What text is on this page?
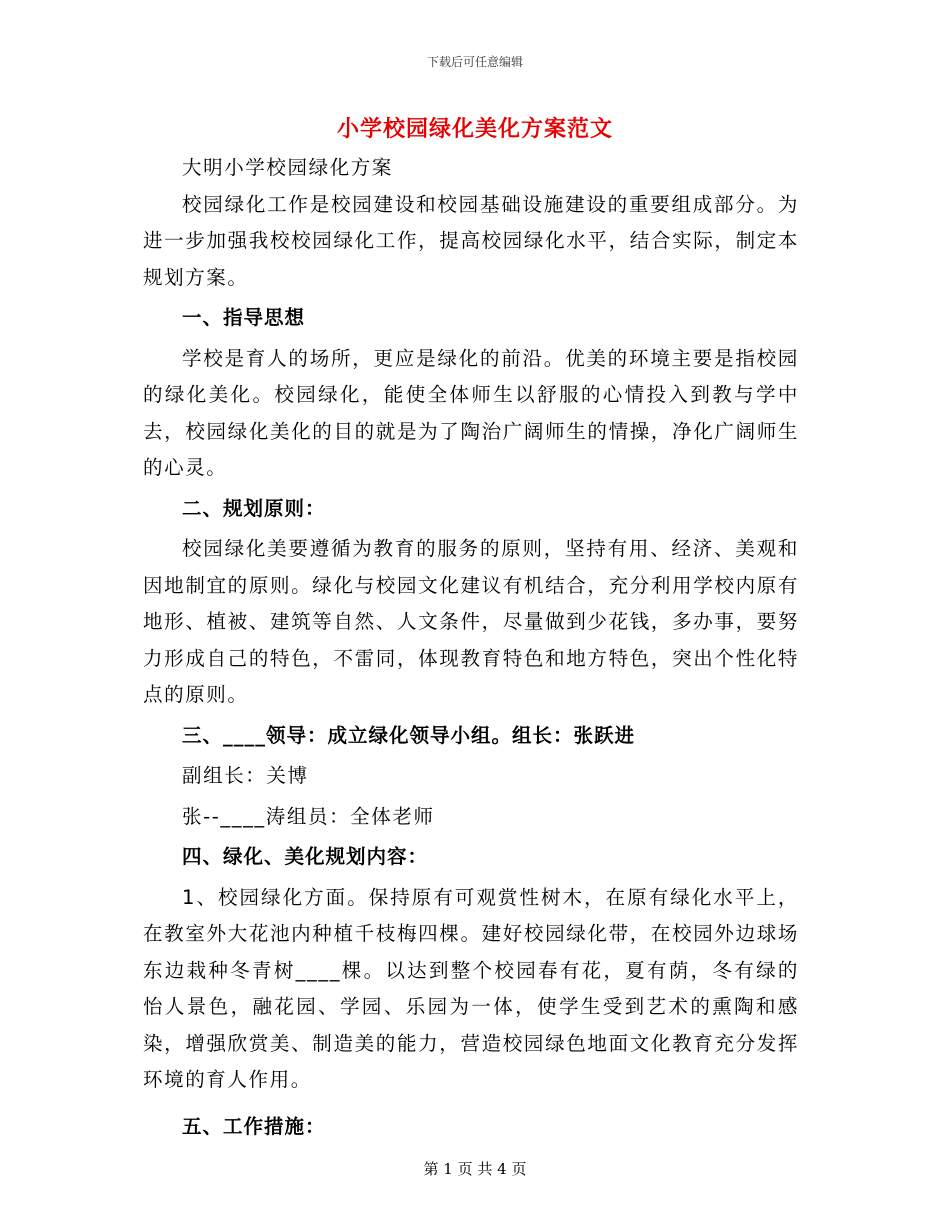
下载后可任意编辑
小学校园绿化美化方案范文

大明小学校园绿化方案

校园绿化工作是校园建设和校园基础设施建设的重要组成部分。为进一步加强我校校园绿化工作，提高校园绿化水平，结合实际，制定本规划方案。

一、指导思想

学校是育人的场所，更应是绿化的前沿。优美的环境主要是指校园的绿化美化。校园绿化，能使全体师生以舒服的心情投入到教与学中去，校园绿化美化的目的就是为了陶治广阔师生的情操，净化广阔师生的心灵。

二、规划原则：

校园绿化美要遵循为教育的服务的原则，坚持有用、经济、美观和因地制宜的原则。绿化与校园文化建议有机结合，充分利用学校内原有地形、植被、建筑等自然、人文条件，尽量做到少花钱，多办事，要努力形成自己的特色，不雷同，体现教育特色和地方特色，突出个性化特点的原则。

三、____领导：成立绿化领导小组。组长：张跃进

副组长：关博

张--____涛组员：全体老师

四、绿化、美化规划内容：

1、校园绿化方面。保持原有可观赏性树木，在原有绿化水平上，在教室外大花池内种植千枝梅四棵。建好校园绿化带，在校园外边球场东边栽种冬青树____棵。以达到整个校园春有花，夏有荫，冬有绿的怡人景色，融花园、学园、乐园为一体，使学生受到艺术的熏陶和感染，增强欣赏美、制造美的能力，营造校园绿色地面文化教育充分发挥环境的育人作用。

五、工作措施：

第 1 页 共 4 页
